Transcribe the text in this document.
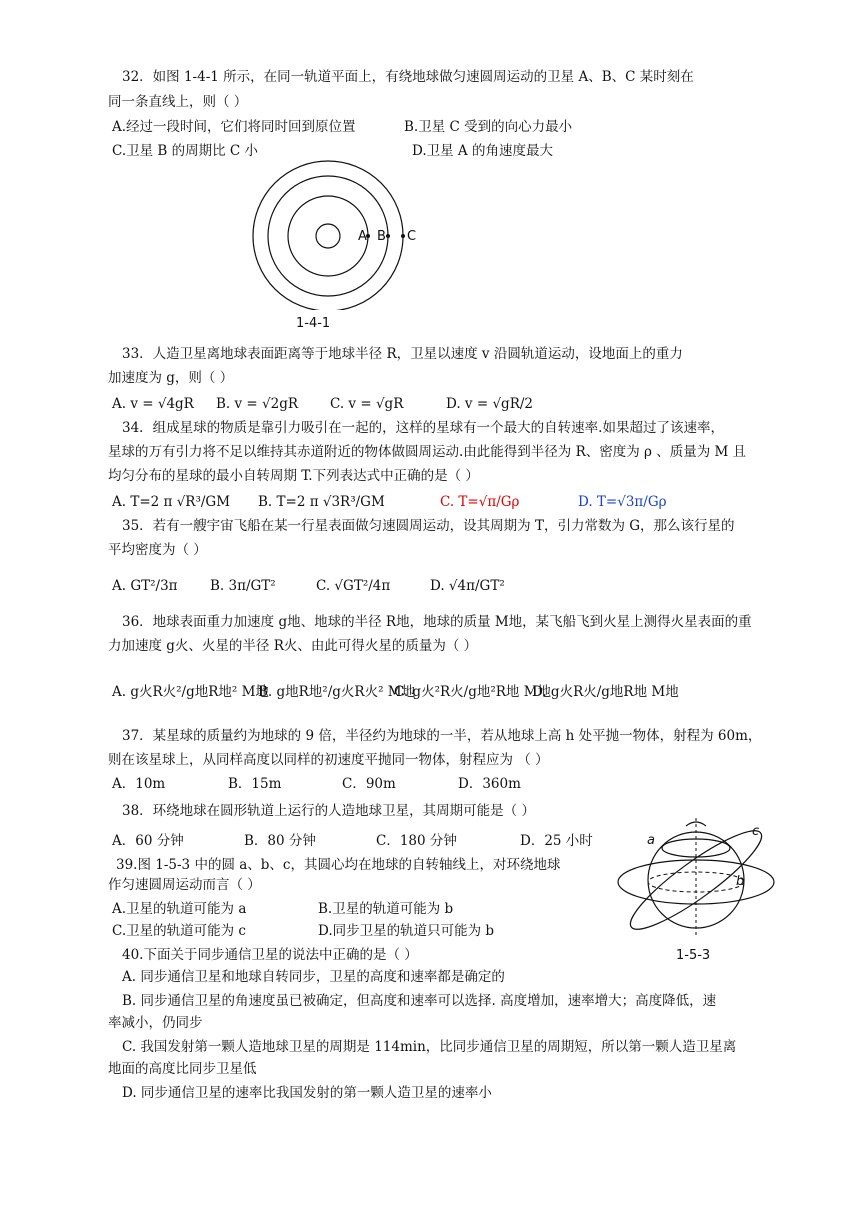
32．如图 1-4-1 所示，在同一轨道平面上，有绕地球做匀速圆周运动的卫星 A、B、C 某时刻在
同一条直线上，则（ ）
A.经过一段时间，它们将同时回到原位置	B.卫星 C 受到的向心力最小
C.卫星 B 的周期比 C 小	D.卫星 A 的角速度最大
A B C
1-4-1
33．人造卫星离地球表面距离等于地球半径 R，卫星以速度 v 沿圆轨道运动，设地面上的重力
加速度为 g，则（ ）
A. v = √4gR B. v = √2gR C. v = √gR	D. v = √gR/2
34．组成星球的物质是靠引力吸引在一起的，这样的星球有一个最大的自转速率.如果超过了该速率，
星球的万有引力将不足以维持其赤道附近的物体做圆周运动.由此能得到半径为 R、密度为 ρ 、质量为 M 且
均匀分布的星球的最小自转周期 T.下列表达式中正确的是（ ）
A. T=2 π √R³/GM B. T=2 π √3R³/GM	C. T=√π/Gρ	D. T=√3π/Gρ
35．若有一艘宇宙飞船在某一行星表面做匀速圆周运动，设其周期为 T，引力常数为 G，那么该行星的
平均密度为（ ）
A. GT²/3π B. 3π/GT²	C. √GT²/4π	D. √4π/GT²
36．地球表面重力加速度 g地、地球的半径 R地，地球的质量 M地，某飞船飞到火星上测得火星表面的重
力加速度 g火、火星的半径 R火、由此可得火星的质量为（ ）
A. g火R火²/g地R地² M地
B. g地R地²/g火R火² M地
C. g火²R火/g地²R地 M地
D. g火R火/g地R地 M地
37．某星球的质量约为地球的 9 倍，半径约为地球的一半，若从地球上高 h 处平抛一物体，射程为 60m，
则在该星球上，从同样高度以同样的初速度平抛同一物体，射程应为 （ ）
A．10m	B．15m	C．90m	D．360m
38．环绕地球在圆形轨道上运行的人造地球卫星，其周期可能是（ ）
A．60 分钟	B．80 分钟	C．180 分钟	D．25 小时
39.图 1-5-3 中的圆 a、b、c，其圆心均在地球的自转轴线上，对环绕地球
作匀速圆周运动而言（ ）
A.卫星的轨道可能为 a	B.卫星的轨道可能为 b
C.卫星的轨道可能为 c	D.同步卫星的轨道只可能为 b
a
b
c
1-5-3
40.下面关于同步通信卫星的说法中正确的是（ ）
A. 同步通信卫星和地球自转同步，卫星的高度和速率都是确定的
B. 同步通信卫星的角速度虽已被确定，但高度和速率可以选择. 高度增加，速率增大；高度降低，速
率减小，仍同步
C. 我国发射第一颗人造地球卫星的周期是 114min，比同步通信卫星的周期短，所以第一颗人造卫星离
地面的高度比同步卫星低
D. 同步通信卫星的速率比我国发射的第一颗人造卫星的速率小
